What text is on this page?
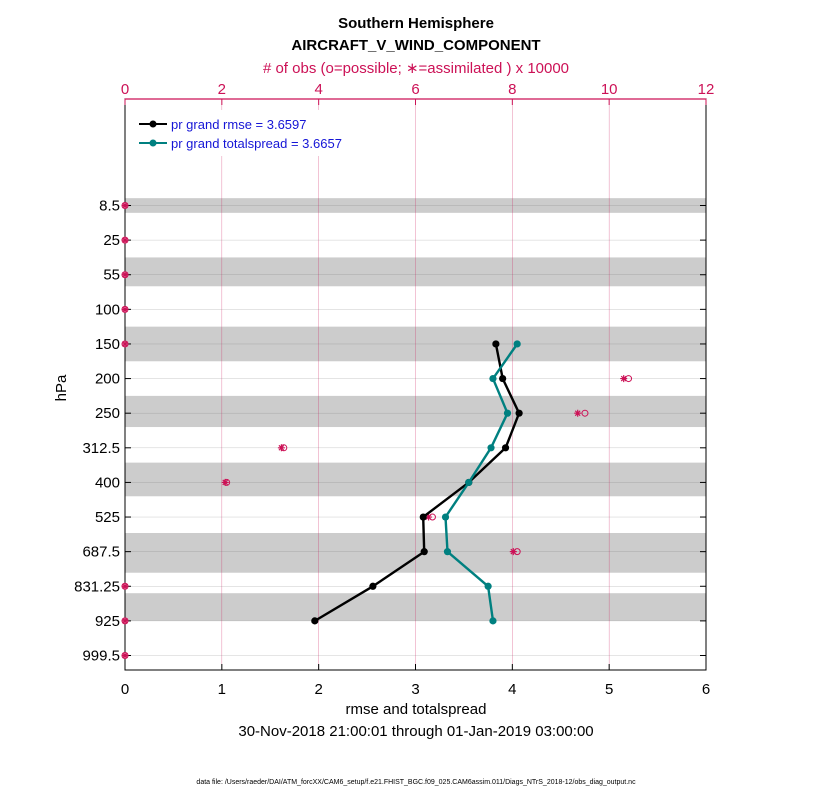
Southern Hemisphere
AIRCRAFT_V_WIND_COMPONENT
# of obs (o=possible; ∗=assimilated ) x 10000
0	1	2	3	4	5	6
0	2	4	6	8	10	12
8.5
25
55
100
150
200
250
312.5
400
525
687.5
831.25
925
999.5
pr grand rmse = 3.6597
pr grand totalspread = 3.6657
rmse and totalspread
30-Nov-2018 21:00:01 through 01-Jan-2019 03:00:00
hPa
data file: /Users/raeder/DAI/ATM_forcXX/CAM6_setup/f.e21.FHIST_BGC.f09_025.CAM6assim.011/Diags_NTrS_2018-12/obs_diag_output.nc
